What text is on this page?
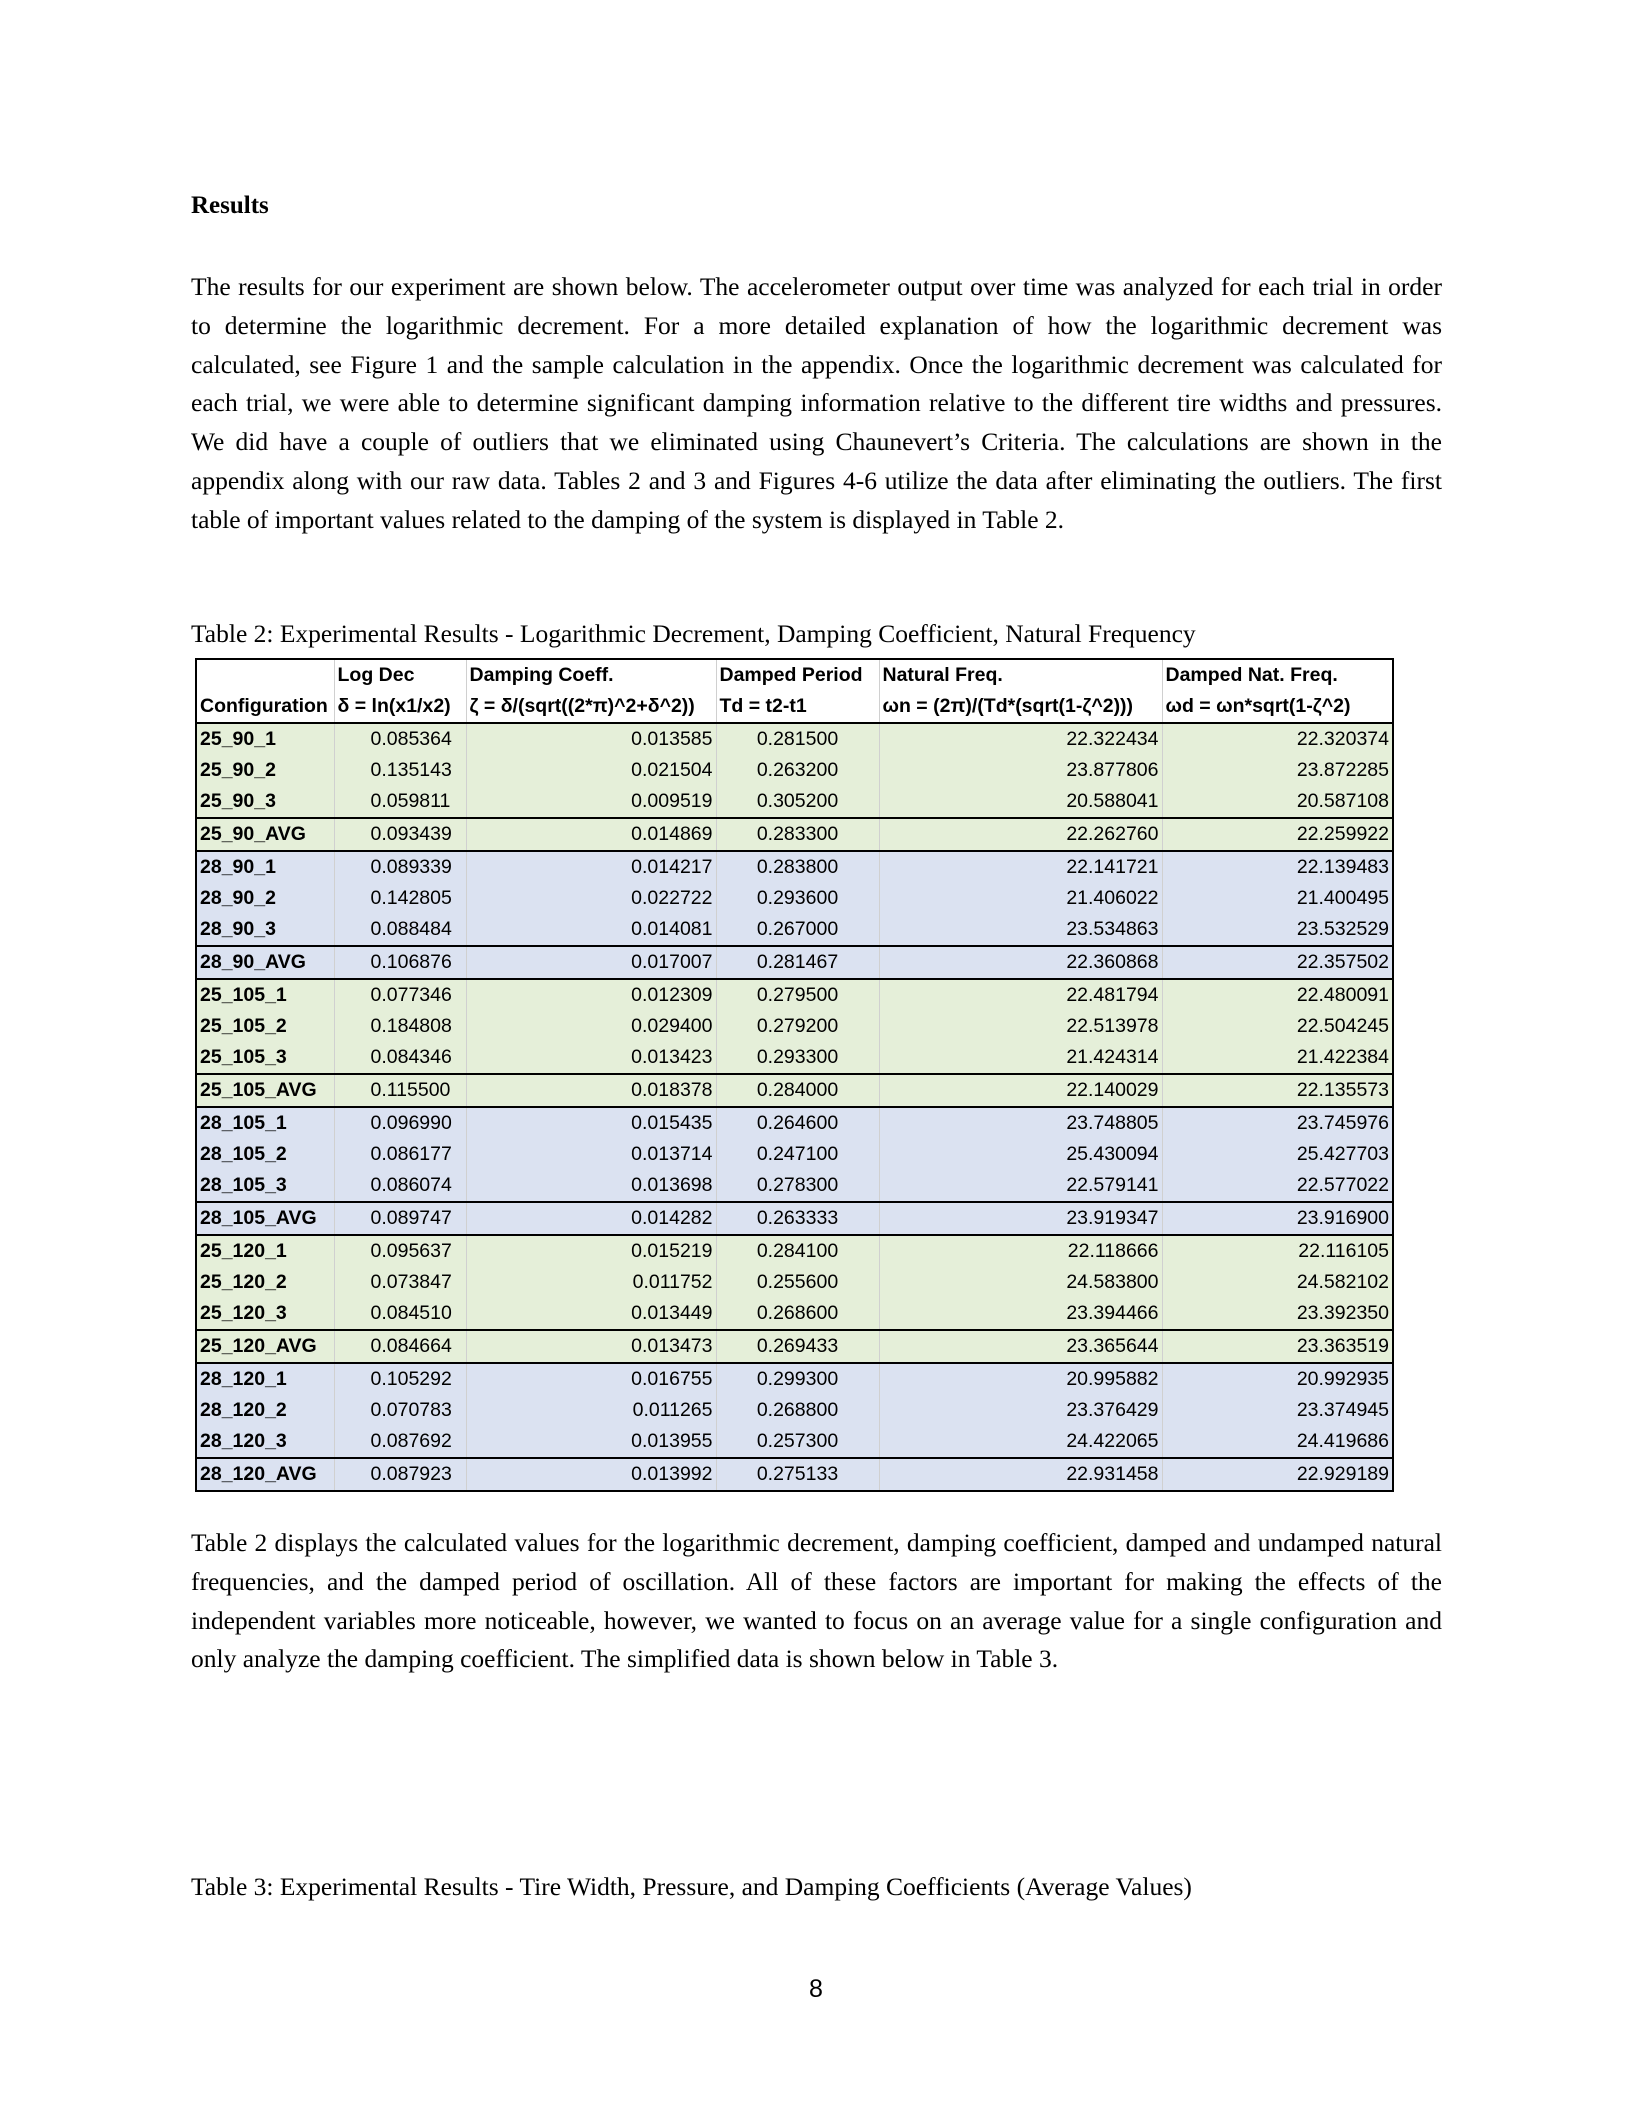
Results

The results for our experiment are shown below. The accelerometer output over time was analyzed for each trial in order to determine the logarithmic decrement. For a more detailed explanation of how the logarithmic decrement was calculated, see Figure 1 and the sample calculation in the appendix. Once the logarithmic decrement was calculated for each trial, we were able to determine significant damping information relative to the different tire widths and pressures. We did have a couple of outliers that we eliminated using Chaunevert’s Criteria. The calculations are shown in the appendix along with our raw data. Tables 2 and 3 and Figures 4-6 utilize the data after eliminating the outliers. The first table of important values related to the damping of the system is displayed in Table 2.

Table 2: Experimental Results - Logarithmic Decrement, Damping Coefficient, Natural Frequency
	Log Dec	Damping Coeff.	Damped Period	Natural Freq.	Damped Nat. Freq.
Configuration	δ = ln(x1/x2)	ζ = δ/(sqrt((2*π)^2+δ^2))	Td = t2-t1	ωn = (2π)/(Td*(sqrt(1-ζ^2)))	ωd = ωn*sqrt(1-ζ^2)
25_90_1	0.085364	0.013585	0.281500	22.322434	22.320374
25_90_2	0.135143	0.021504	0.263200	23.877806	23.872285
25_90_3	0.059811	0.009519	0.305200	20.588041	20.587108
25_90_AVG	0.093439	0.014869	0.283300	22.262760	22.259922
28_90_1	0.089339	0.014217	0.283800	22.141721	22.139483
28_90_2	0.142805	0.022722	0.293600	21.406022	21.400495
28_90_3	0.088484	0.014081	0.267000	23.534863	23.532529
28_90_AVG	0.106876	0.017007	0.281467	22.360868	22.357502
25_105_1	0.077346	0.012309	0.279500	22.481794	22.480091
25_105_2	0.184808	0.029400	0.279200	22.513978	22.504245
25_105_3	0.084346	0.013423	0.293300	21.424314	21.422384
25_105_AVG	0.115500	0.018378	0.284000	22.140029	22.135573
28_105_1	0.096990	0.015435	0.264600	23.748805	23.745976
28_105_2	0.086177	0.013714	0.247100	25.430094	25.427703
28_105_3	0.086074	0.013698	0.278300	22.579141	22.577022
28_105_AVG	0.089747	0.014282	0.263333	23.919347	23.916900
25_120_1	0.095637	0.015219	0.284100	22.118666	22.116105
25_120_2	0.073847	0.011752	0.255600	24.583800	24.582102
25_120_3	0.084510	0.013449	0.268600	23.394466	23.392350
25_120_AVG	0.084664	0.013473	0.269433	23.365644	23.363519
28_120_1	0.105292	0.016755	0.299300	20.995882	20.992935
28_120_2	0.070783	0.011265	0.268800	23.376429	23.374945
28_120_3	0.087692	0.013955	0.257300	24.422065	24.419686
28_120_AVG	0.087923	0.013992	0.275133	22.931458	22.929189

Table 2 displays the calculated values for the logarithmic decrement, damping coefficient, damped and undamped natural frequencies, and the damped period of oscillation. All of these factors are important for making the effects of the independent variables more noticeable, however, we wanted to focus on an average value for a single configuration and only analyze the damping coefficient. The simplified data is shown below in Table 3.

Table 3: Experimental Results - Tire Width, Pressure, and Damping Coefficients (Average Values)
8
